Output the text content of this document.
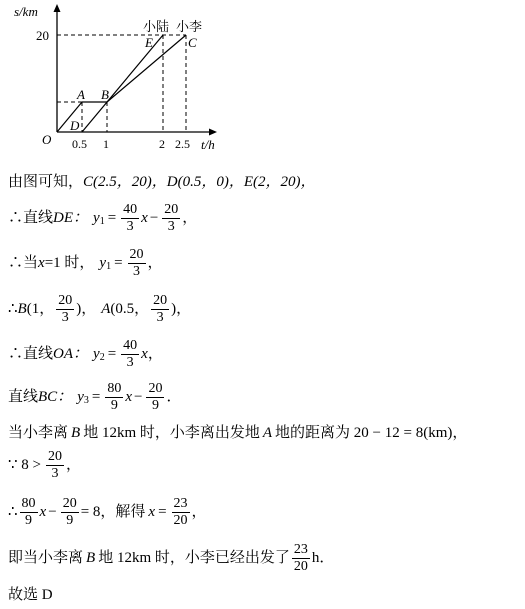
s/km
t/h
O
20
0.5 1	2 2.5
A B
D
E	C
小陆 小李
由图可知， C(2.5，20)， D(0.5，0)， E(2，20)，
∴直线 DE： y $1 = \frac{40}{3}$ $x - \frac{20}{3}$ ，
∴当 x =1 时， y $1 = \frac{20}{3}$ ，
∴ B (1， $\frac{20}{3}$ )， A (0.5， $\frac{20}{3}$ )，
∴直线 OA： y $2 = \frac{40}{3}$ x ，
直线 BC： y $3 = \frac{80}{9}$ $x - \frac{20}{9}$ ．
当小李离 B 地 12km 时，小李离出发地 A 地的距离为 20 − 12 = 8(km)，
∵ $8 > \frac{20}{3}$ ，
∴ $\frac{80}{9}$ $x - \frac{20}{9} = 8$，解得 $x = \frac{23}{20}$ ，
即当小李离 B 地 12km 时，小李已经出发了 $\frac{23}{20}$ h．
故选 D
